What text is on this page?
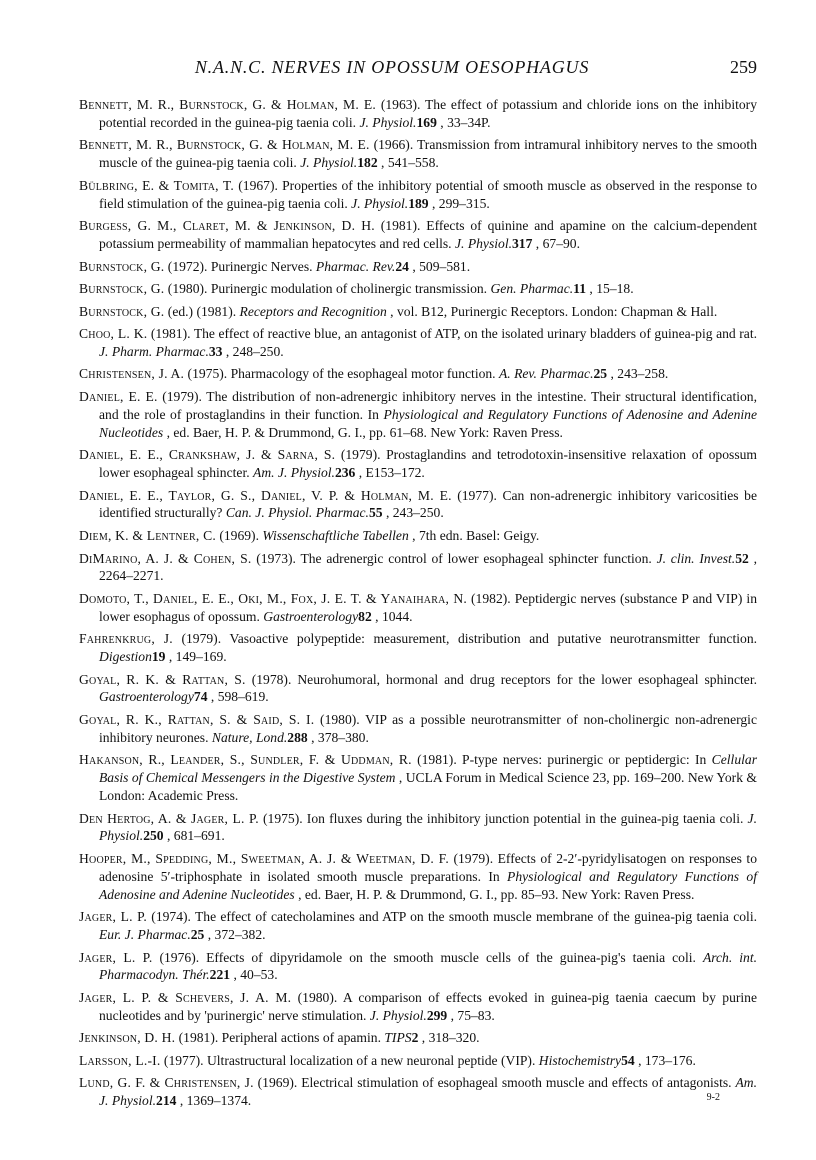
N.A.N.C. NERVES IN OPOSSUM OESOPHAGUS	259
Bennett, M. R., Burnstock, G. & Holman, M. E. (1963). The effect of potassium and chloride ions on the inhibitory potential recorded in the guinea-pig taenia coli. J. Physiol.169 , 33–34P.
Bennett, M. R., Burnstock, G. & Holman, M. E. (1966). Transmission from intramural inhibitory nerves to the smooth muscle of the guinea-pig taenia coli. J. Physiol.182 , 541–558.
Bülbring, E. & Tomita, T. (1967). Properties of the inhibitory potential of smooth muscle as observed in the response to field stimulation of the guinea-pig taenia coli. J. Physiol.189 , 299–315.
Burgess, G. M., Claret, M. & Jenkinson, D. H. (1981). Effects of quinine and apamine on the calcium-dependent potassium permeability of mammalian hepatocytes and red cells. J. Physiol.317 , 67–90.
Burnstock, G. (1972). Purinergic Nerves. Pharmac. Rev.24 , 509–581.
Burnstock, G. (1980). Purinergic modulation of cholinergic transmission. Gen. Pharmac.11 , 15–18.
Burnstock, G. (ed.) (1981). Receptors and Recognition , vol. B12, Purinergic Receptors. London: Chapman & Hall.
Choo, L. K. (1981). The effect of reactive blue, an antagonist of ATP, on the isolated urinary bladders of guinea-pig and rat. J. Pharm. Pharmac.33 , 248–250.
Christensen, J. A. (1975). Pharmacology of the esophageal motor function. A. Rev. Pharmac.25 , 243–258.
Daniel, E. E. (1979). The distribution of non-adrenergic inhibitory nerves in the intestine. Their structural identification, and the role of prostaglandins in their function. In Physiological and Regulatory Functions of Adenosine and Adenine Nucleotides , ed. Baer, H. P. & Drummond, G. I., pp. 61–68. New York: Raven Press.
Daniel, E. E., Crankshaw, J. & Sarna, S. (1979). Prostaglandins and tetrodotoxin-insensitive relaxation of opossum lower esophageal sphincter. Am. J. Physiol.236 , E153–172.
Daniel, E. E., Taylor, G. S., Daniel, V. P. & Holman, M. E. (1977). Can non-adrenergic inhibitory varicosities be identified structurally? Can. J. Physiol. Pharmac.55 , 243–250.
Diem, K. & Lentner, C. (1969). Wissenschaftliche Tabellen , 7th edn. Basel: Geigy.
DiMarino, A. J. & Cohen, S. (1973). The adrenergic control of lower esophageal sphincter function. J. clin. Invest.52 , 2264–2271.
Domoto, T., Daniel, E. E., Oki, M., Fox, J. E. T. & Yanaihara, N. (1982). Peptidergic nerves (substance P and VIP) in lower esophagus of opossum. Gastroenterology82 , 1044.
Fahrenkrug, J. (1979). Vasoactive polypeptide: measurement, distribution and putative neurotransmitter function. Digestion19 , 149–169.
Goyal, R. K. & Rattan, S. (1978). Neurohumoral, hormonal and drug receptors for the lower esophageal sphincter. Gastroenterology74 , 598–619.
Goyal, R. K., Rattan, S. & Said, S. I. (1980). VIP as a possible neurotransmitter of non-cholinergic non-adrenergic inhibitory neurones. Nature, Lond.288 , 378–380.
Hakanson, R., Leander, S., Sundler, F. & Uddman, R. (1981). P-type nerves: purinergic or peptidergic: In Cellular Basis of Chemical Messengers in the Digestive System , UCLA Forum in Medical Science 23, pp. 169–200. New York & London: Academic Press.
Den Hertog, A. & Jager, L. P. (1975). Ion fluxes during the inhibitory junction potential in the guinea-pig taenia coli. J. Physiol.250 , 681–691.
Hooper, M., Spedding, M., Sweetman, A. J. & Weetman, D. F. (1979). Effects of 2-2′-pyridylisatogen on responses to adenosine 5′-triphosphate in isolated smooth muscle preparations. In Physiological and Regulatory Functions of Adenosine and Adenine Nucleotides , ed. Baer, H. P. & Drummond, G. I., pp. 85–93. New York: Raven Press.
Jager, L. P. (1974). The effect of catecholamines and ATP on the smooth muscle membrane of the guinea-pig taenia coli. Eur. J. Pharmac.25 , 372–382.
Jager, L. P. (1976). Effects of dipyridamole on the smooth muscle cells of the guinea-pig's taenia coli. Arch. int. Pharmacodyn. Thér.221 , 40–53.
Jager, L. P. & Schevers, J. A. M. (1980). A comparison of effects evoked in guinea-pig taenia caecum by purine nucleotides and by 'purinergic' nerve stimulation. J. Physiol.299 , 75–83.
Jenkinson, D. H. (1981). Peripheral actions of apamin. TIPS2 , 318–320.
Larsson, L.-I. (1977). Ultrastructural localization of a new neuronal peptide (VIP). Histochemistry54 , 173–176.
Lund, G. F. & Christensen, J. (1969). Electrical stimulation of esophageal smooth muscle and effects of antagonists. Am. J. Physiol.214 , 1369–1374.	9-2
